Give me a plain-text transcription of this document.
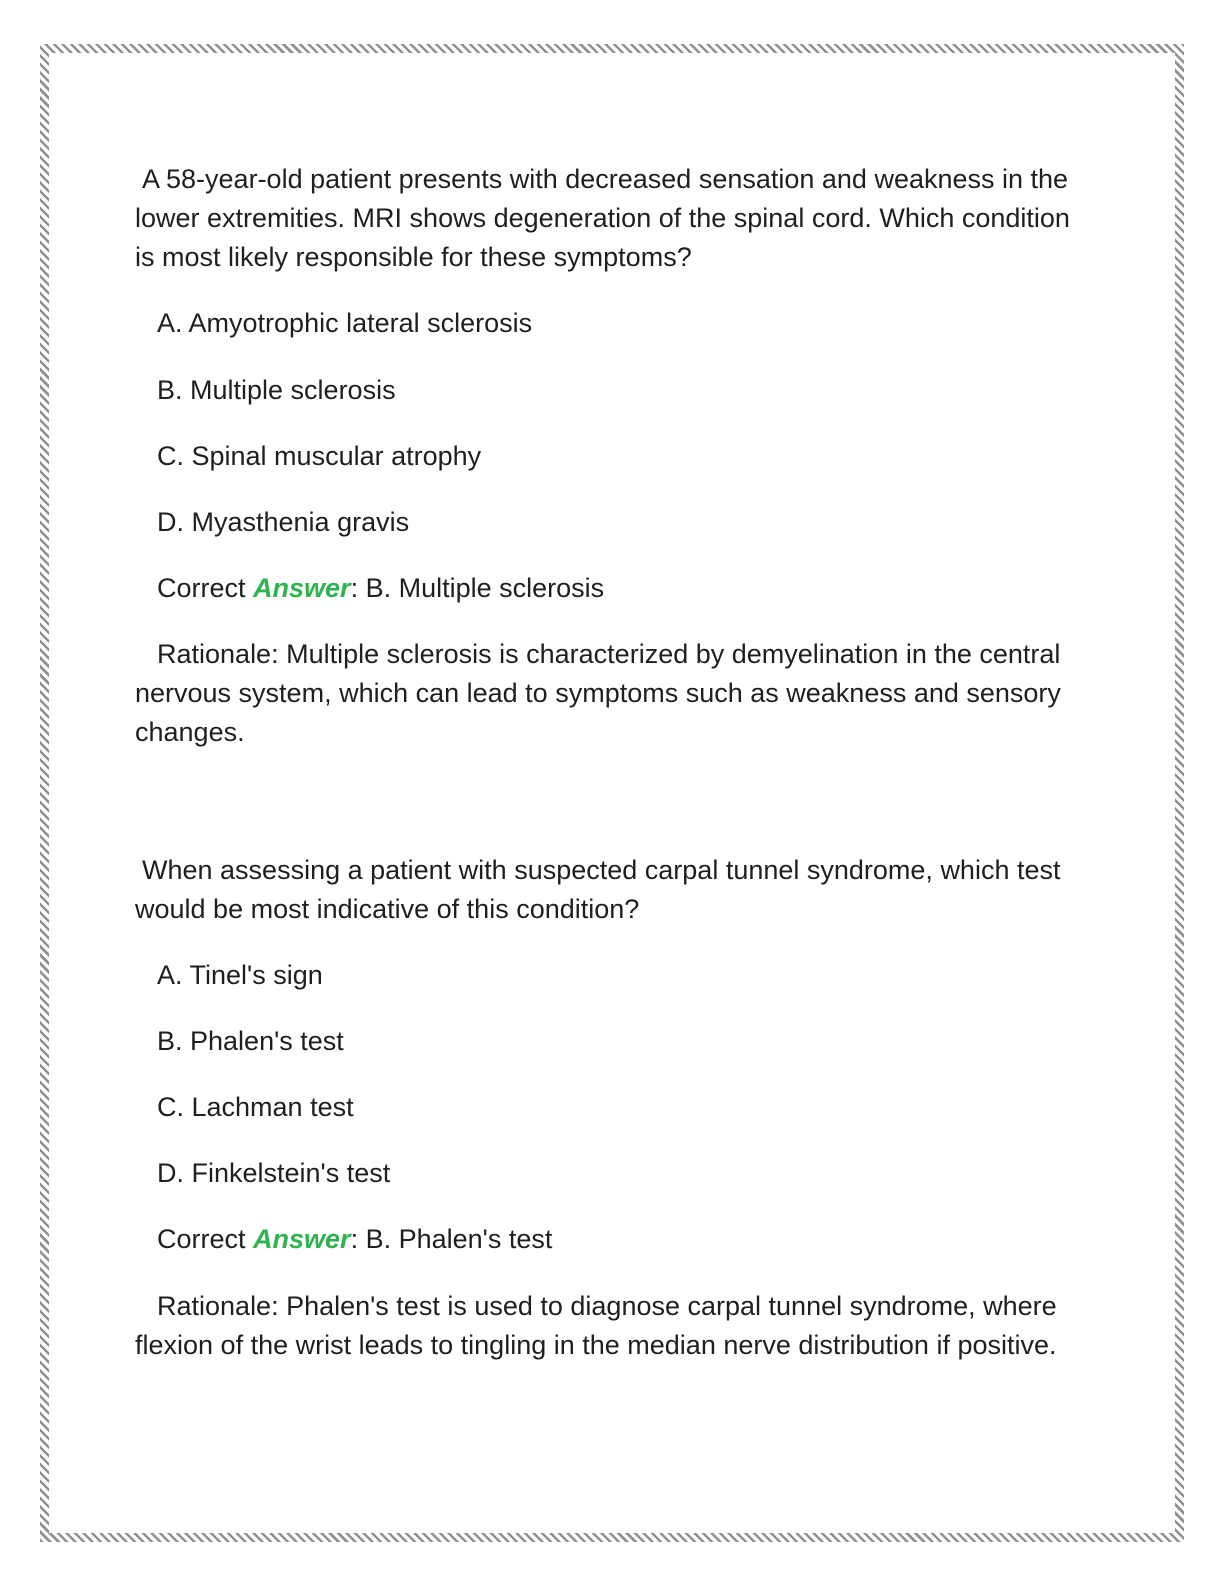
A 58-year-old patient presents with decreased sensation and weakness in the lower extremities. MRI shows degeneration of the spinal cord. Which condition is most likely responsible for these symptoms?

A. Amyotrophic lateral sclerosis

B. Multiple sclerosis

C. Spinal muscular atrophy

D. Myasthenia gravis

Correct Answer: B. Multiple sclerosis

Rationale: Multiple sclerosis is characterized by demyelination in the central nervous system, which can lead to symptoms such as weakness and sensory changes.

When assessing a patient with suspected carpal tunnel syndrome, which test would be most indicative of this condition?

A. Tinel's sign

B. Phalen's test

C. Lachman test

D. Finkelstein's test

Correct Answer: B. Phalen's test

Rationale: Phalen's test is used to diagnose carpal tunnel syndrome, where flexion of the wrist leads to tingling in the median nerve distribution if positive.
